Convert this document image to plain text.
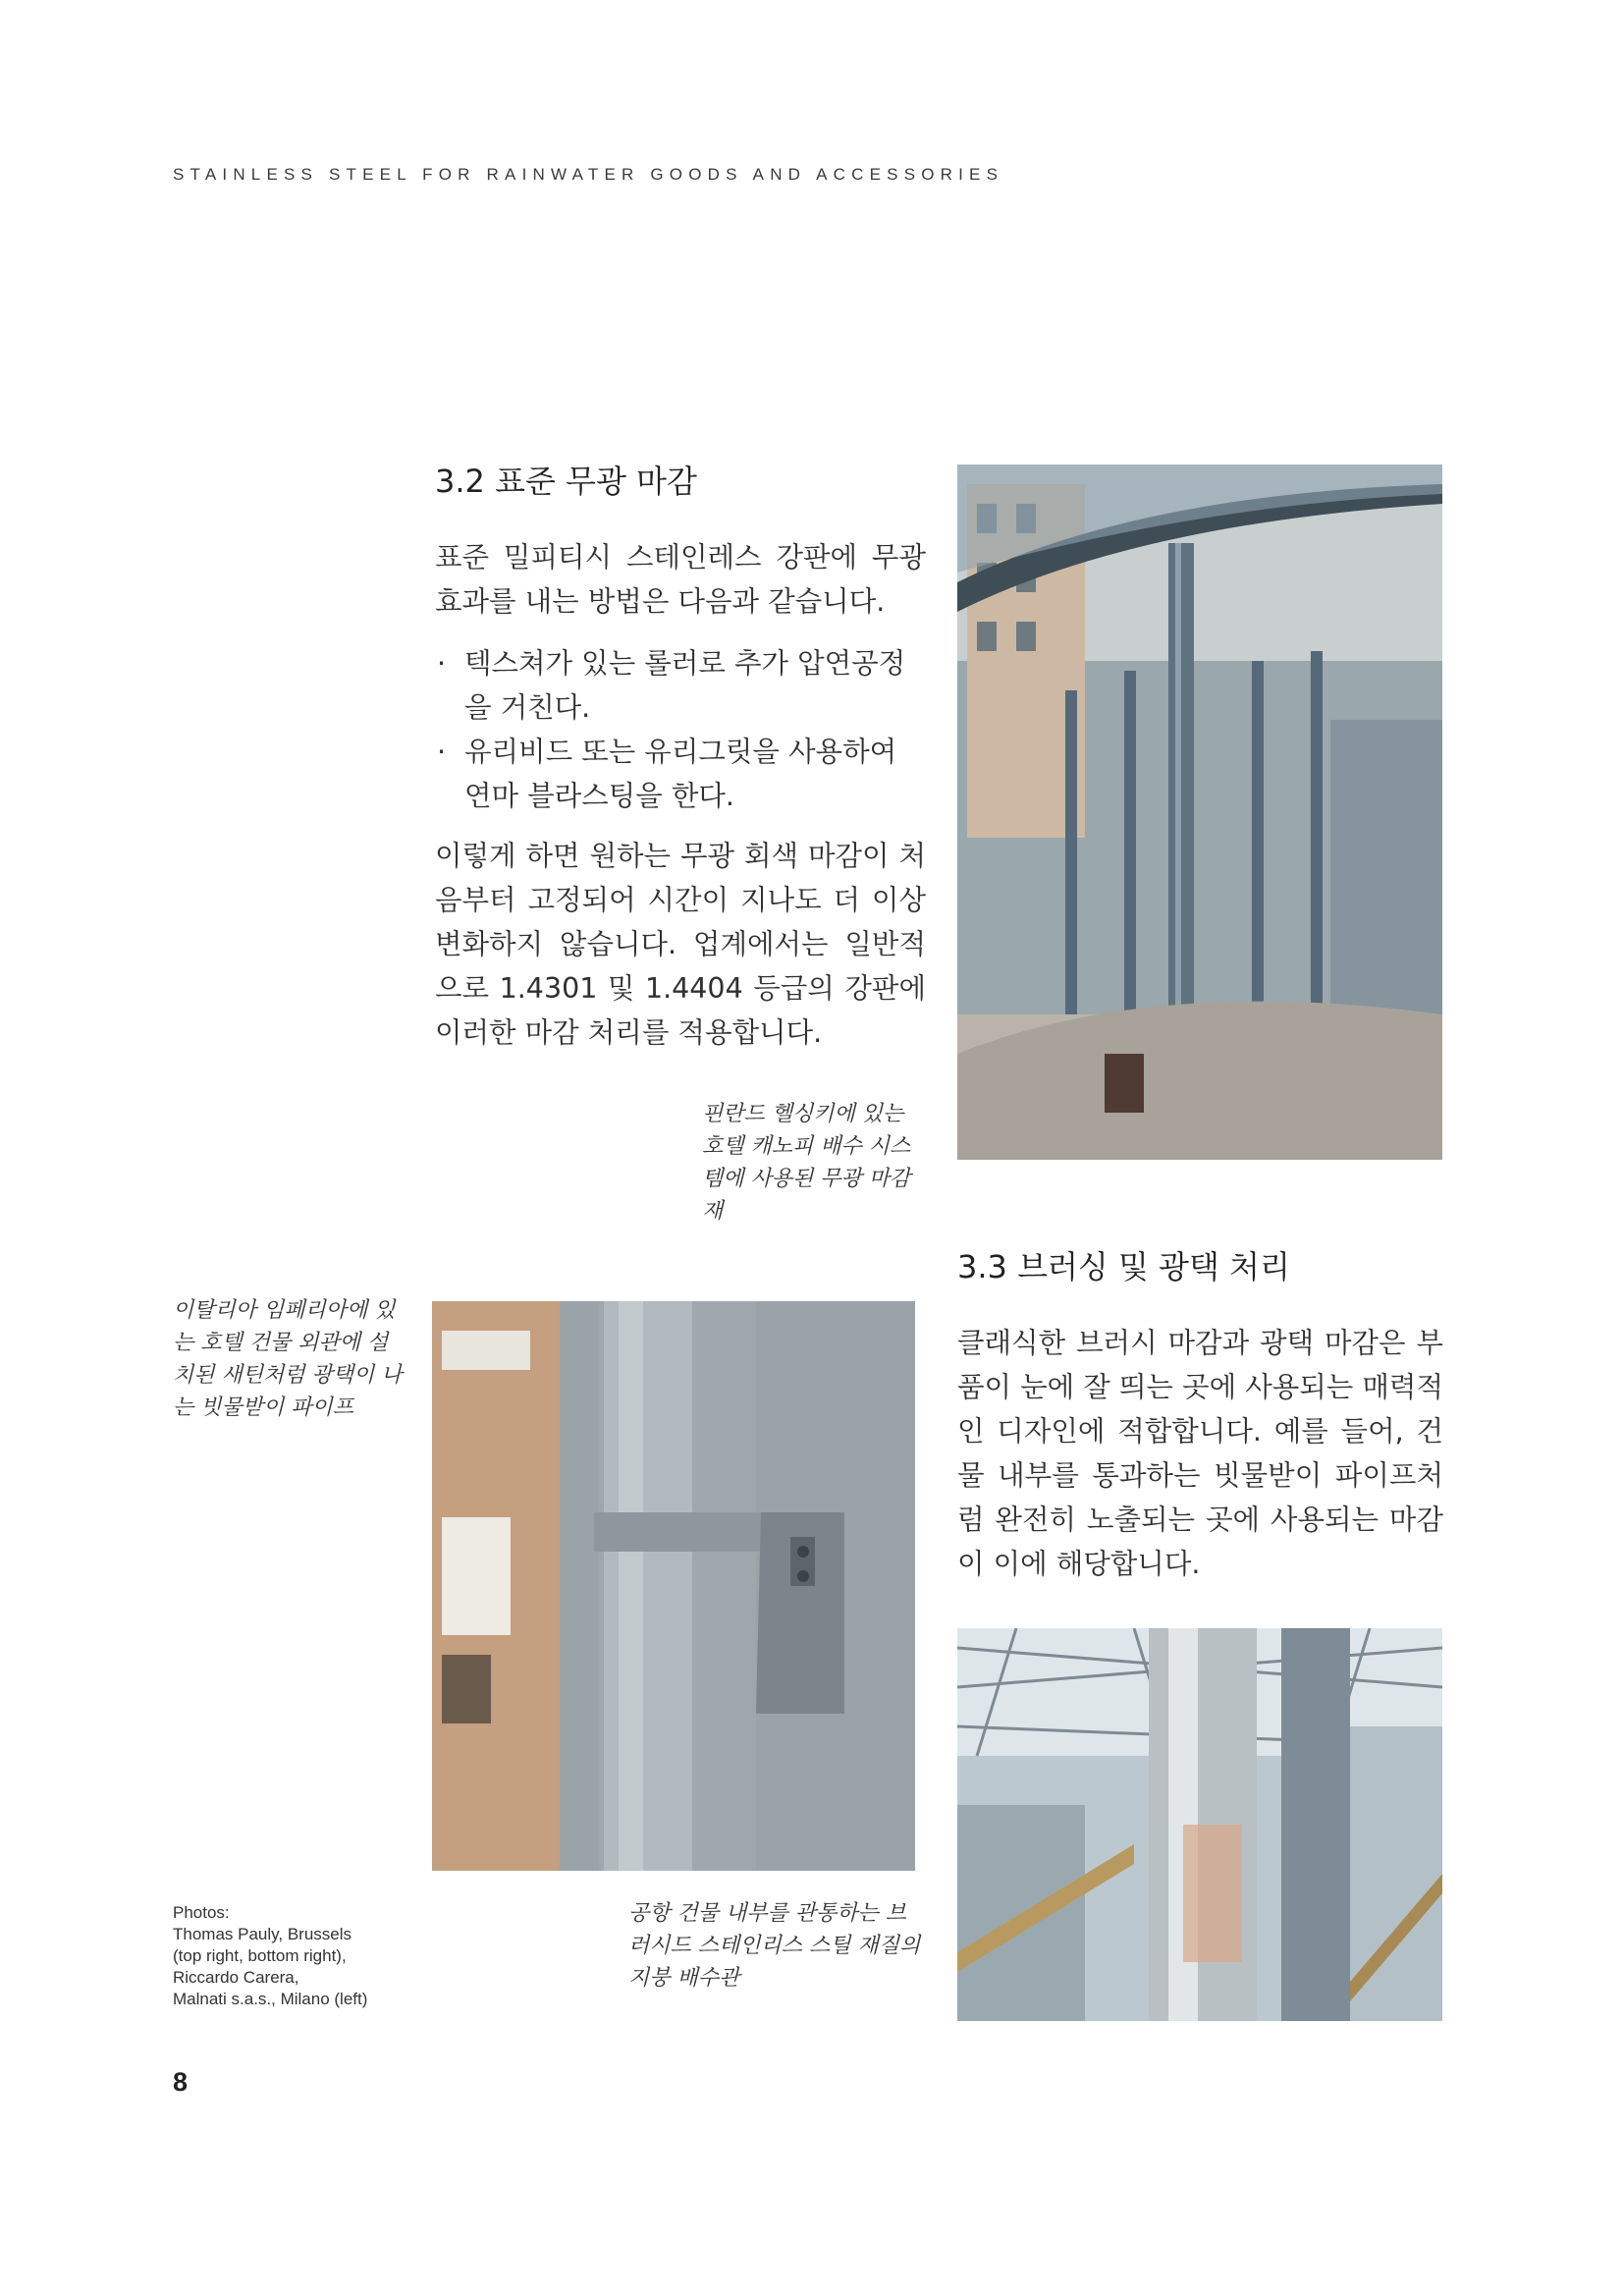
STAINLESS STEEL FOR RAINWATER GOODS AND ACCESSORIES
3.2 표준 무광 마감

표준 밀피티시 스테인레스 강판에 무광 효과를 내는 방법은 다음과 같습니다.

· 텍스쳐가 있는 롤러로 추가 압연공정을 거친다.
· 유리비드 또는 유리그릿을 사용하여 연마 블라스팅을 한다.

이렇게 하면 원하는 무광 회색 마감이 처음부터 고정되어 시간이 지나도 더 이상 변화하지 않습니다. 업계에서는 일반적으로 1.4301 및 1.4404 등급의 강판에 이러한 마감 처리를 적용합니다.

핀란드 헬싱키에 있는 호텔 캐노피 배수 시스템에 사용된 무광 마감재
3.3 브러싱 및 광택 처리

클래식한 브러시 마감과 광택 마감은 부품이 눈에 잘 띄는 곳에 사용되는 매력적인 디자인에 적합합니다. 예를 들어, 건물 내부를 통과하는 빗물받이 파이프처럼 완전히 노출되는 곳에 사용되는 마감이 이에 해당합니다.

이탈리아 임페리아에 있는 호텔 건물 외관에 설치된 새틴처럼 광택이 나는 빗물받이 파이프
공항 건물 내부를 관통하는 브러시드 스테인리스 스틸 재질의 지붕 배수관
Photos:
Thomas Pauly, Brussels
(top right, bottom right),
Riccardo Carera,
Malnati s.a.s., Milano (left)
8
